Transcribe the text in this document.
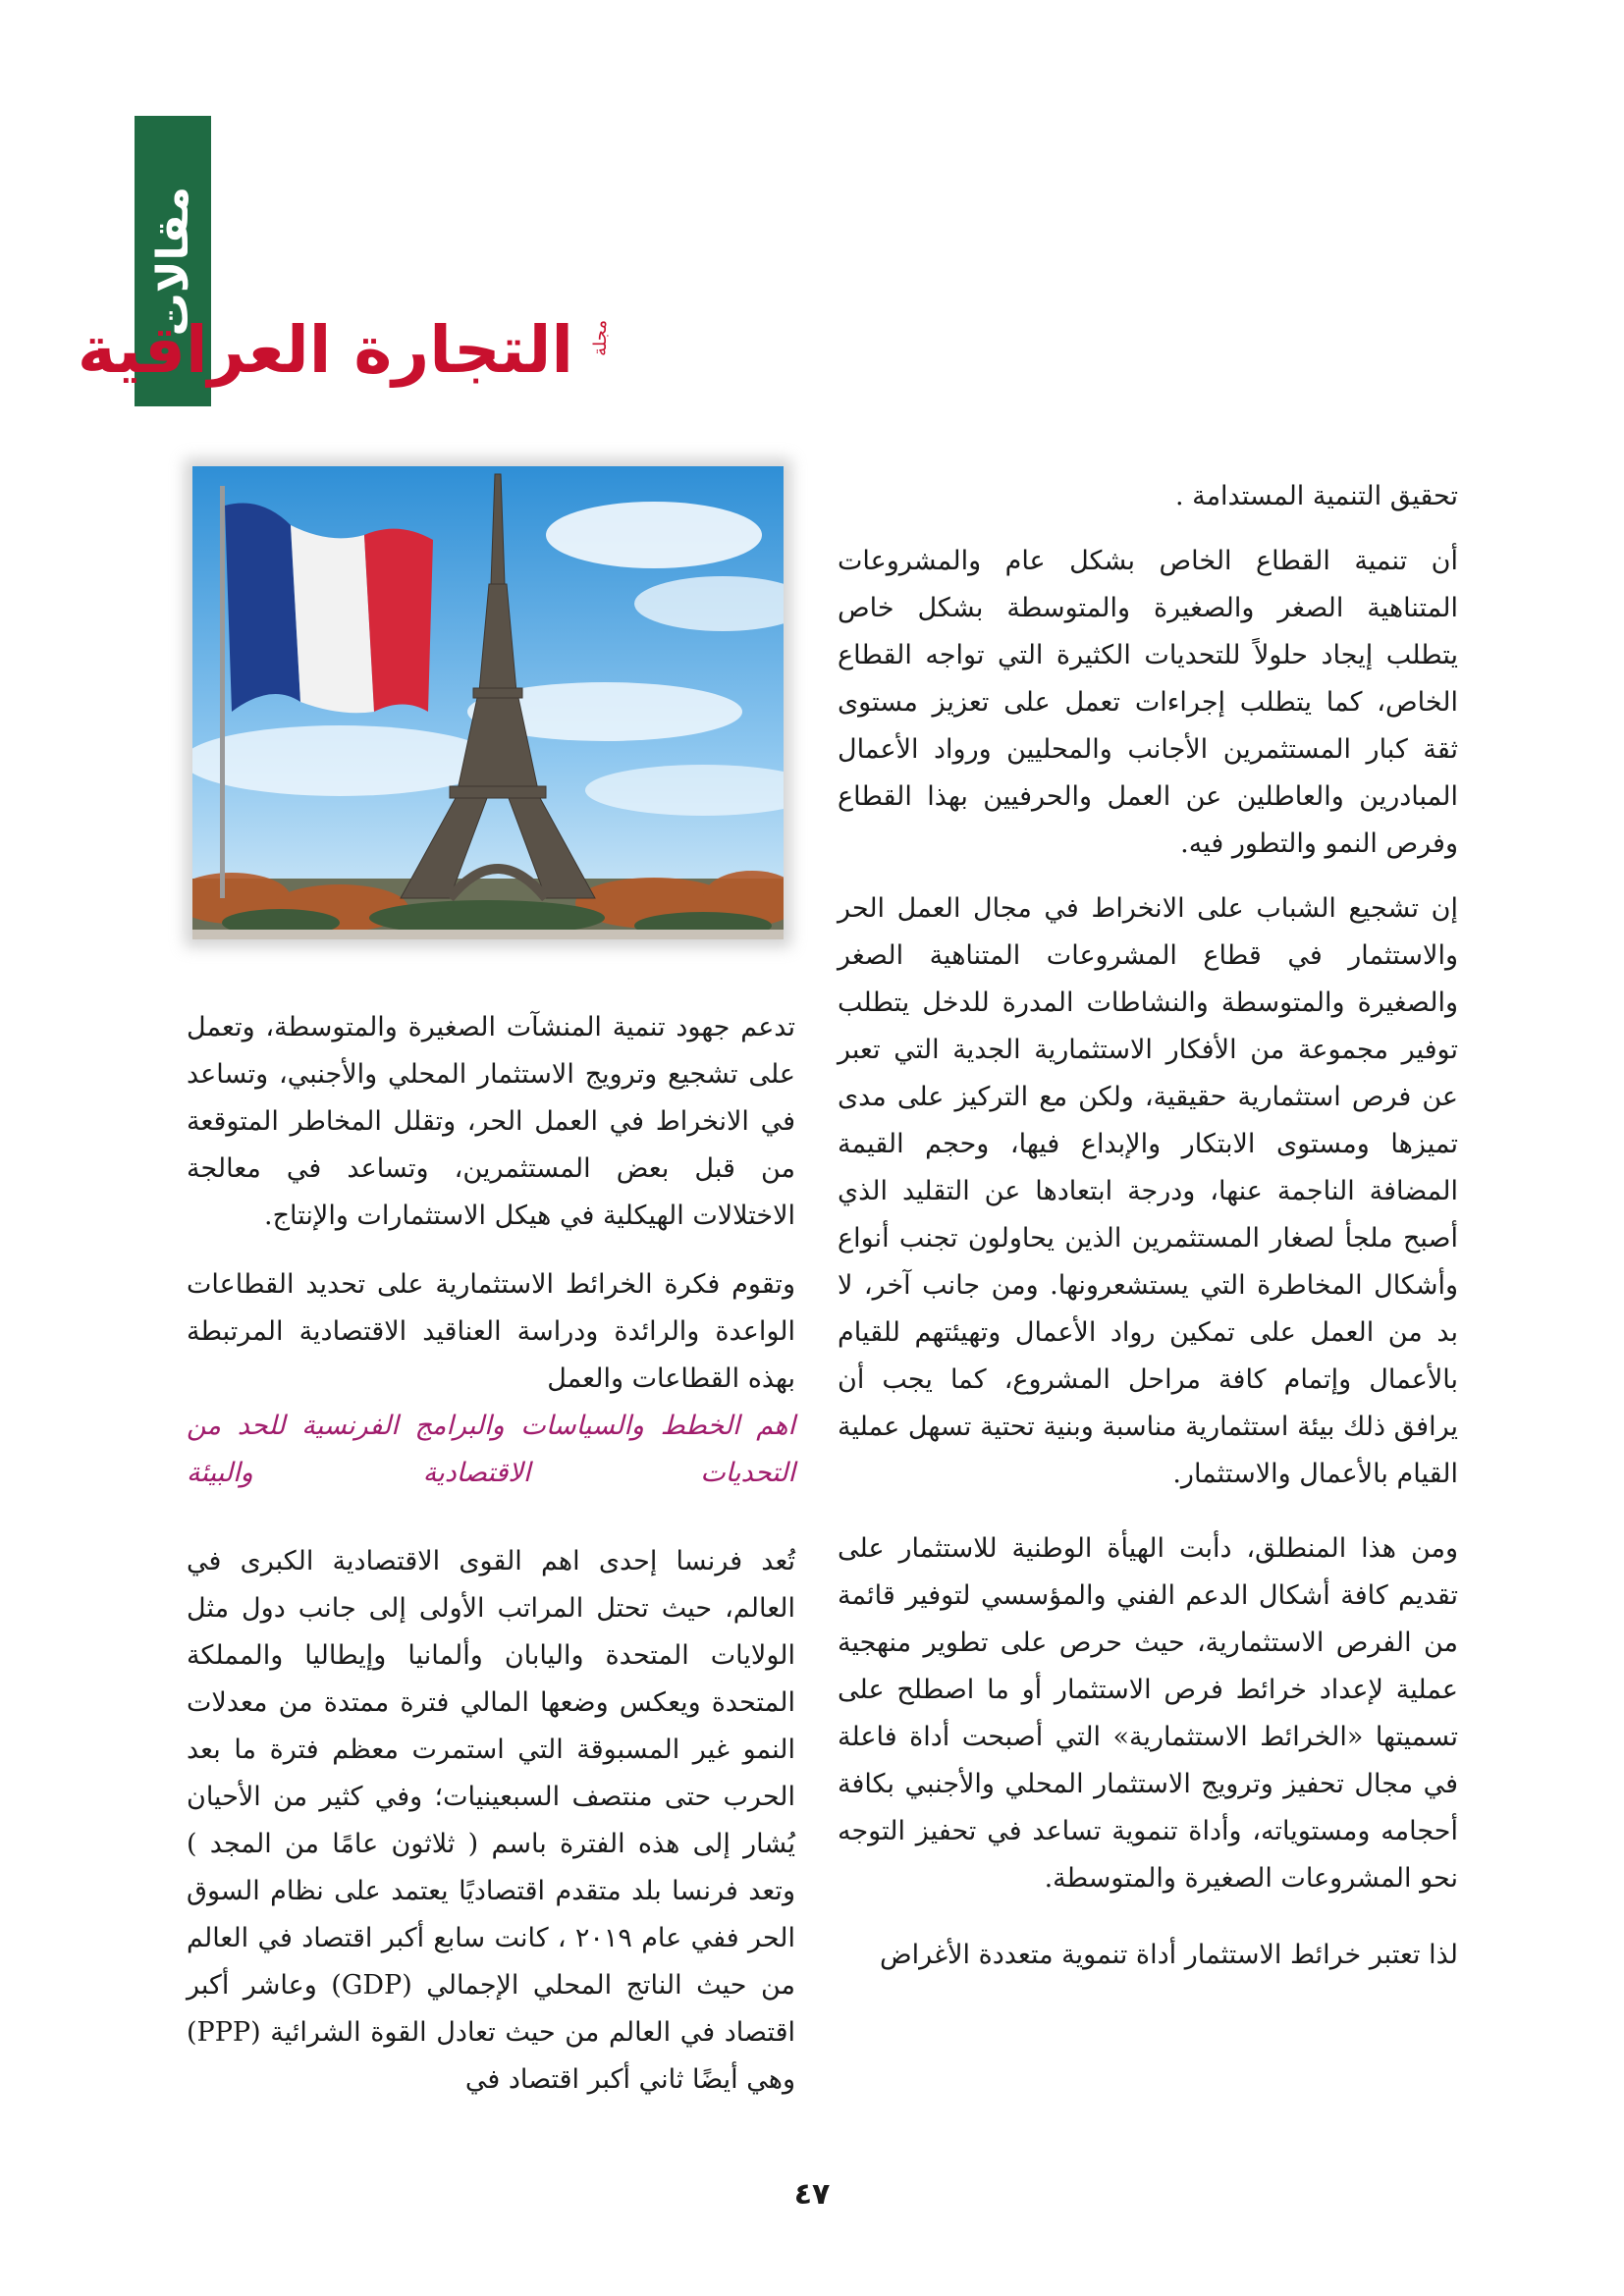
مقالات
التجارة العراقية مجلة

تحقيق التنمية المستدامة .

أن تنمية القطاع الخاص بشكل عام والمشروعات المتناهية الصغر والصغيرة والمتوسطة بشكل خاص يتطلب إيجاد حلولاً للتحديات الكثيرة التي تواجه القطاع الخاص، كما يتطلب إجراءات تعمل على تعزيز مستوى ثقة كبار المستثمرين الأجانب والمحليين ورواد الأعمال المبادرين والعاطلين عن العمل والحرفيين بهذا القطاع وفرص النمو والتطور فيه.

إن تشجيع الشباب على الانخراط في مجال العمل الحر والاستثمار في قطاع المشروعات المتناهية الصغر والصغيرة والمتوسطة والنشاطات المدرة للدخل يتطلب توفير مجموعة من الأفكار الاستثمارية الجدية التي تعبر عن فرص استثمارية حقيقية، ولكن مع التركيز على مدى تميزها ومستوى الابتكار والإبداع فيها، وحجم القيمة المضافة الناجمة عنها، ودرجة ابتعادها عن التقليد الذي أصبح ملجأ لصغار المستثمرين الذين يحاولون تجنب أنواع وأشكال المخاطرة التي يستشعرونها. ومن جانب آخر، لا بد من العمل على تمكين رواد الأعمال وتهيئتهم للقيام بالأعمال وإتمام كافة مراحل المشروع، كما يجب أن يرافق ذلك بيئة استثمارية مناسبة وبنية تحتية تسهل عملية القيام بالأعمال والاستثمار.

ومن هذا المنطلق، دأبت الهيأة الوطنية للاستثمار على تقديم كافة أشكال الدعم الفني والمؤسسي لتوفير قائمة من الفرص الاستثمارية، حيث حرص على تطوير منهجية عملية لإعداد خرائط فرص الاستثمار أو ما اصطلح على تسميتها «الخرائط الاستثمارية» التي أصبحت أداة فاعلة في مجال تحفيز وترويج الاستثمار المحلي والأجنبي بكافة أحجامه ومستوياته، وأداة تنموية تساعد في تحفيز التوجه نحو المشروعات الصغيرة والمتوسطة.

لذا تعتبر خرائط الاستثمار أداة تنموية متعددة الأغراض

تدعم جهود تنمية المنشآت الصغيرة والمتوسطة، وتعمل على تشجيع وترويج الاستثمار المحلي والأجنبي، وتساعد في الانخراط في العمل الحر، وتقلل المخاطر المتوقعة من قبل بعض المستثمرين، وتساعد في معالجة الاختلالات الهيكلية في هيكل الاستثمارات والإنتاج.

وتقوم فكرة الخرائط الاستثمارية على تحديد القطاعات الواعدة والرائدة ودراسة العناقيد الاقتصادية المرتبطة بهذه القطاعات والعمل

اهم الخطط والسياسات والبرامج الفرنسية للحد من التحديات الاقتصادية والبيئة

تُعد فرنسا إحدى اهم القوى الاقتصادية الكبرى في العالم، حيث تحتل المراتب الأولى إلى جانب دول مثل الولايات المتحدة واليابان وألمانيا وإيطاليا والمملكة المتحدة ويعكس وضعها المالي فترة ممتدة من معدلات النمو غير المسبوقة التي استمرت معظم فترة ما بعد الحرب حتى منتصف السبعينيات؛ وفي كثير من الأحيان يُشار إلى هذه الفترة باسم ( ثلاثون عامًا من المجد ) وتعد فرنسا بلد متقدم اقتصاديًا يعتمد على نظام السوق الحر ففي عام ٢٠١٩ ، كانت سابع أكبر اقتصاد في العالم من حيث الناتج المحلي الإجمالي (GDP) وعاشر أكبر اقتصاد في العالم من حيث تعادل القوة الشرائية (PPP) وهي أيضًا ثاني أكبر اقتصاد في

٤٧
